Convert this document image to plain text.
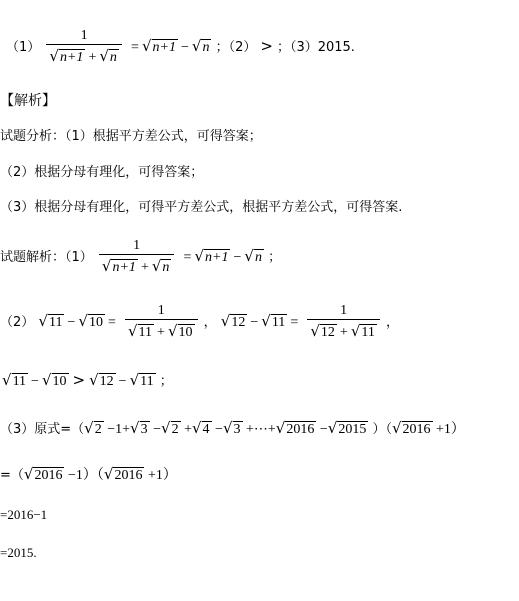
$(1) \frac{1}{√n+1 + √n} = √n+1 - √n$ ；（2） > ；（3）2015.
【解析】
试题分析：（1）根据平方差公式，可得答案；
（2）根据分母有理化，可得答案；
（3）根据分母有理化，可得平方差公式，根据平方差公式，可得答案.
试题解析：$(1) \frac{1}{√n+1 + √n} = √n+1 - √n$ ；
（2） $√11 - √10 = \frac{1}{√11 + √10}$ ， $√12 - √11 = \frac{1}{√12 + √11}$ ，
√11 − √10 > √12 − √11 ；
（3）原式=（√2 −1+√3 −√2 +√4 −√3 +⋯+√2016 −√2015 ）（√2016 +1）
=（√2016 −1）（√2016 +1）
=2016−1
=2015.
